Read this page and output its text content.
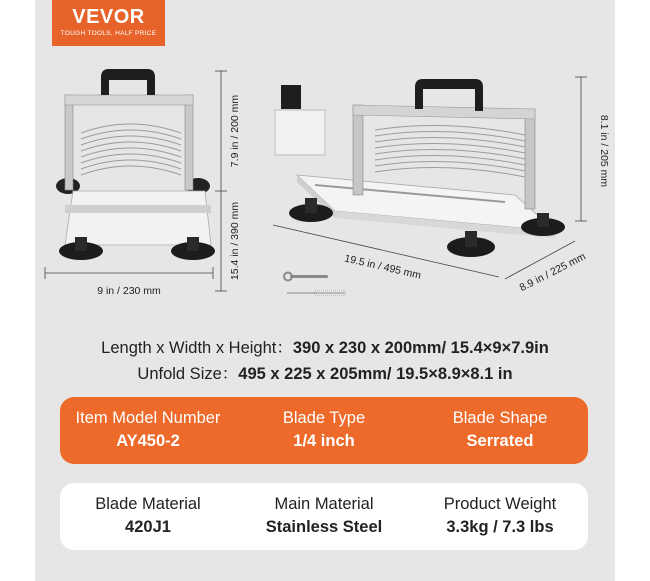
VEVOR
TOUGH TOOLS, HALF PRICE
9 in / 230 mm
7.9 in / 200 mm
15.4 in / 390 mm	19.5 in / 495 mm	8.9 in / 225 mm
8.1 in / 205 mm
Length x Width x Height：390 x 230 x 200mm/ 15.4×9×7.9in
Unfold Size：495 x 225 x 205mm/ 19.5×8.9×8.1 in
Item Model Number
AY450-2
Blade Type
1/4 inch
Blade Shape
Serrated
Blade Material
420J1
Main Material
Stainless Steel
Product Weight
3.3kg / 7.3 lbs
